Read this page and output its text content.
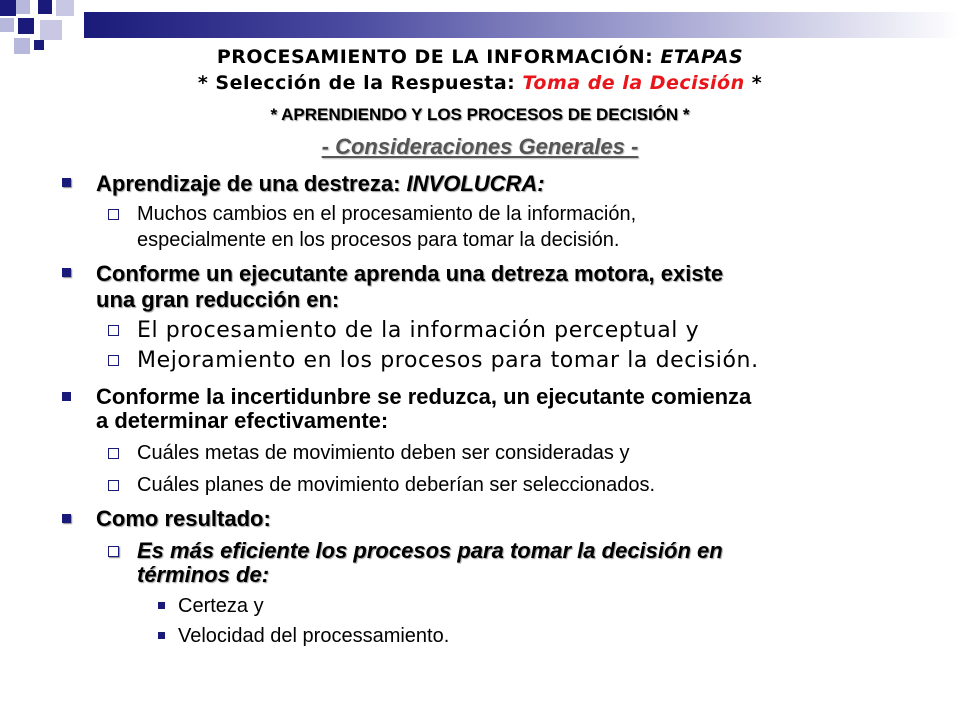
PROCESAMIENTO DE LA INFORMACIÓN: ETAPAS
* Selección de la Respuesta: Toma de la Decisión *
* APRENDIENDO Y LOS PROCESOS DE DECISIÓN *
- Consideraciones Generales -
Aprendizaje de una destreza: INVOLUCRA:
Muchos cambios en el procesamiento de la información,
especialmente en los procesos para tomar la decisión.
Conforme un ejecutante aprenda una detreza motora, existe
una gran reducción en:
El procesamiento de la información perceptual y
Mejoramiento en los procesos para tomar la decisión.
Conforme la incertidunbre se reduzca, un ejecutante comienza
a determinar efectivamente:
Cuáles metas de movimiento deben ser consideradas y
Cuáles planes de movimiento deberían ser seleccionados.
Como resultado:
Es más eficiente los procesos para tomar la decisión en
términos de:
Certeza y
Velocidad del processamiento.
